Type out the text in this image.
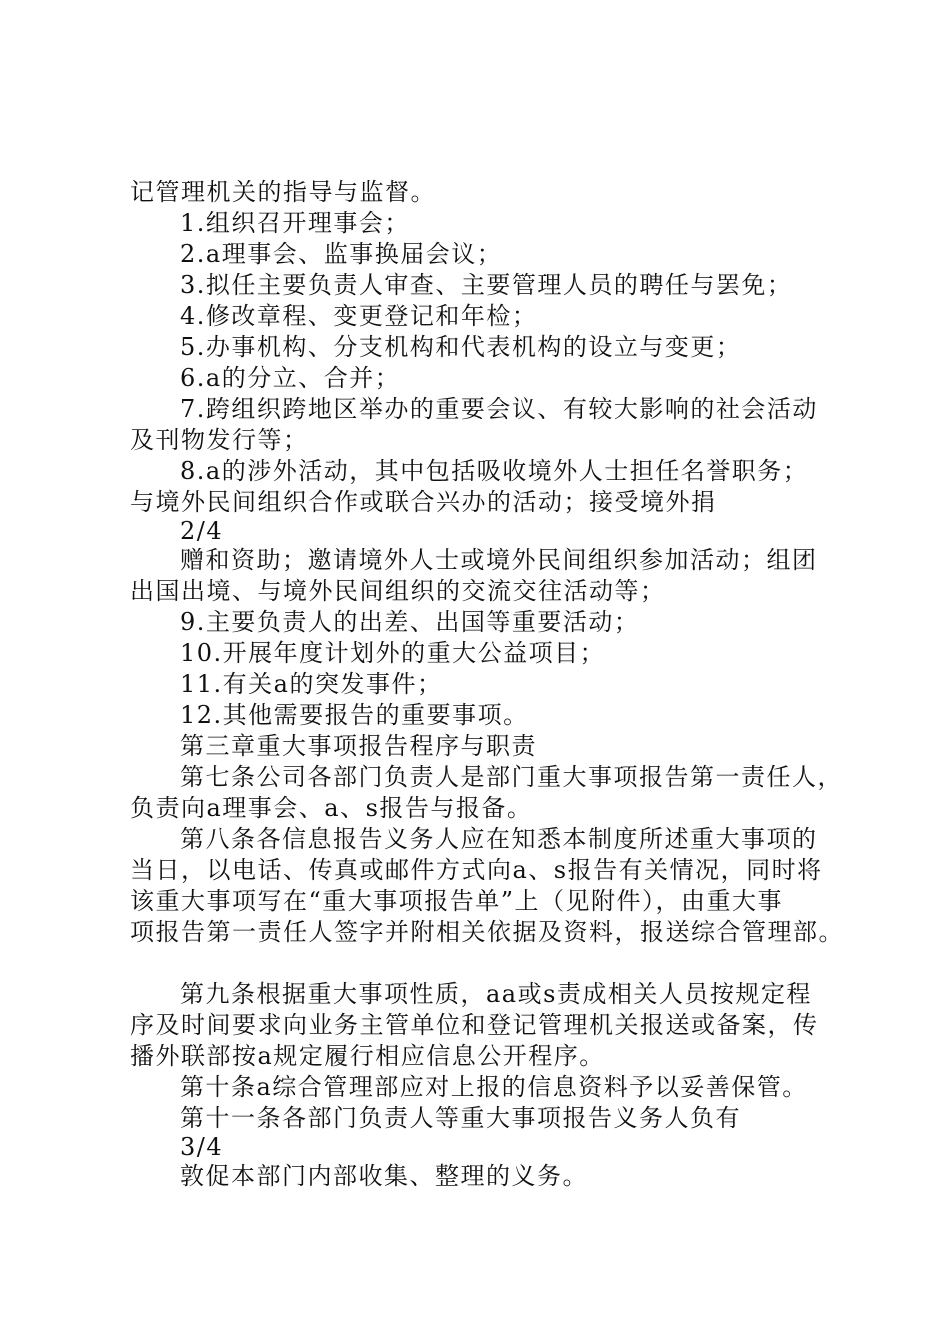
记管理机关的指导与监督。
1.组织召开理事会；
2.a理事会、监事换届会议；
3.拟任主要负责人审查、主要管理人员的聘任与罢免；
4.修改章程、变更登记和年检；
5.办事机构、分支机构和代表机构的设立与变更；
6.a的分立、合并；
7.跨组织跨地区举办的重要会议、有较大影响的社会活动
及刊物发行等；
8.a的涉外活动，其中包括吸收境外人士担任名誉职务；
与境外民间组织合作或联合兴办的活动；接受境外捐
2/4
赠和资助；邀请境外人士或境外民间组织参加活动；组团
出国出境、与境外民间组织的交流交往活动等；
9.主要负责人的出差、出国等重要活动；
10.开展年度计划外的重大公益项目；
11.有关a的突发事件；
12.其他需要报告的重要事项。
第三章重大事项报告程序与职责
第七条公司各部门负责人是部门重大事项报告第一责任人，
负责向a理事会、a、s报告与报备。
第八条各信息报告义务人应在知悉本制度所述重大事项的
当日，以电话、传真或邮件方式向a、s报告有关情况，同时将
该重大事项写在“重大事项报告单”上（见附件），由重大事
项报告第一责任人签字并附相关依据及资料，报送综合管理部。
第九条根据重大事项性质，aa或s责成相关人员按规定程
序及时间要求向业务主管单位和登记管理机关报送或备案，传
播外联部按a规定履行相应信息公开程序。
第十条a综合管理部应对上报的信息资料予以妥善保管。
第十一条各部门负责人等重大事项报告义务人负有
3/4
敦促本部门内部收集、整理的义务。
